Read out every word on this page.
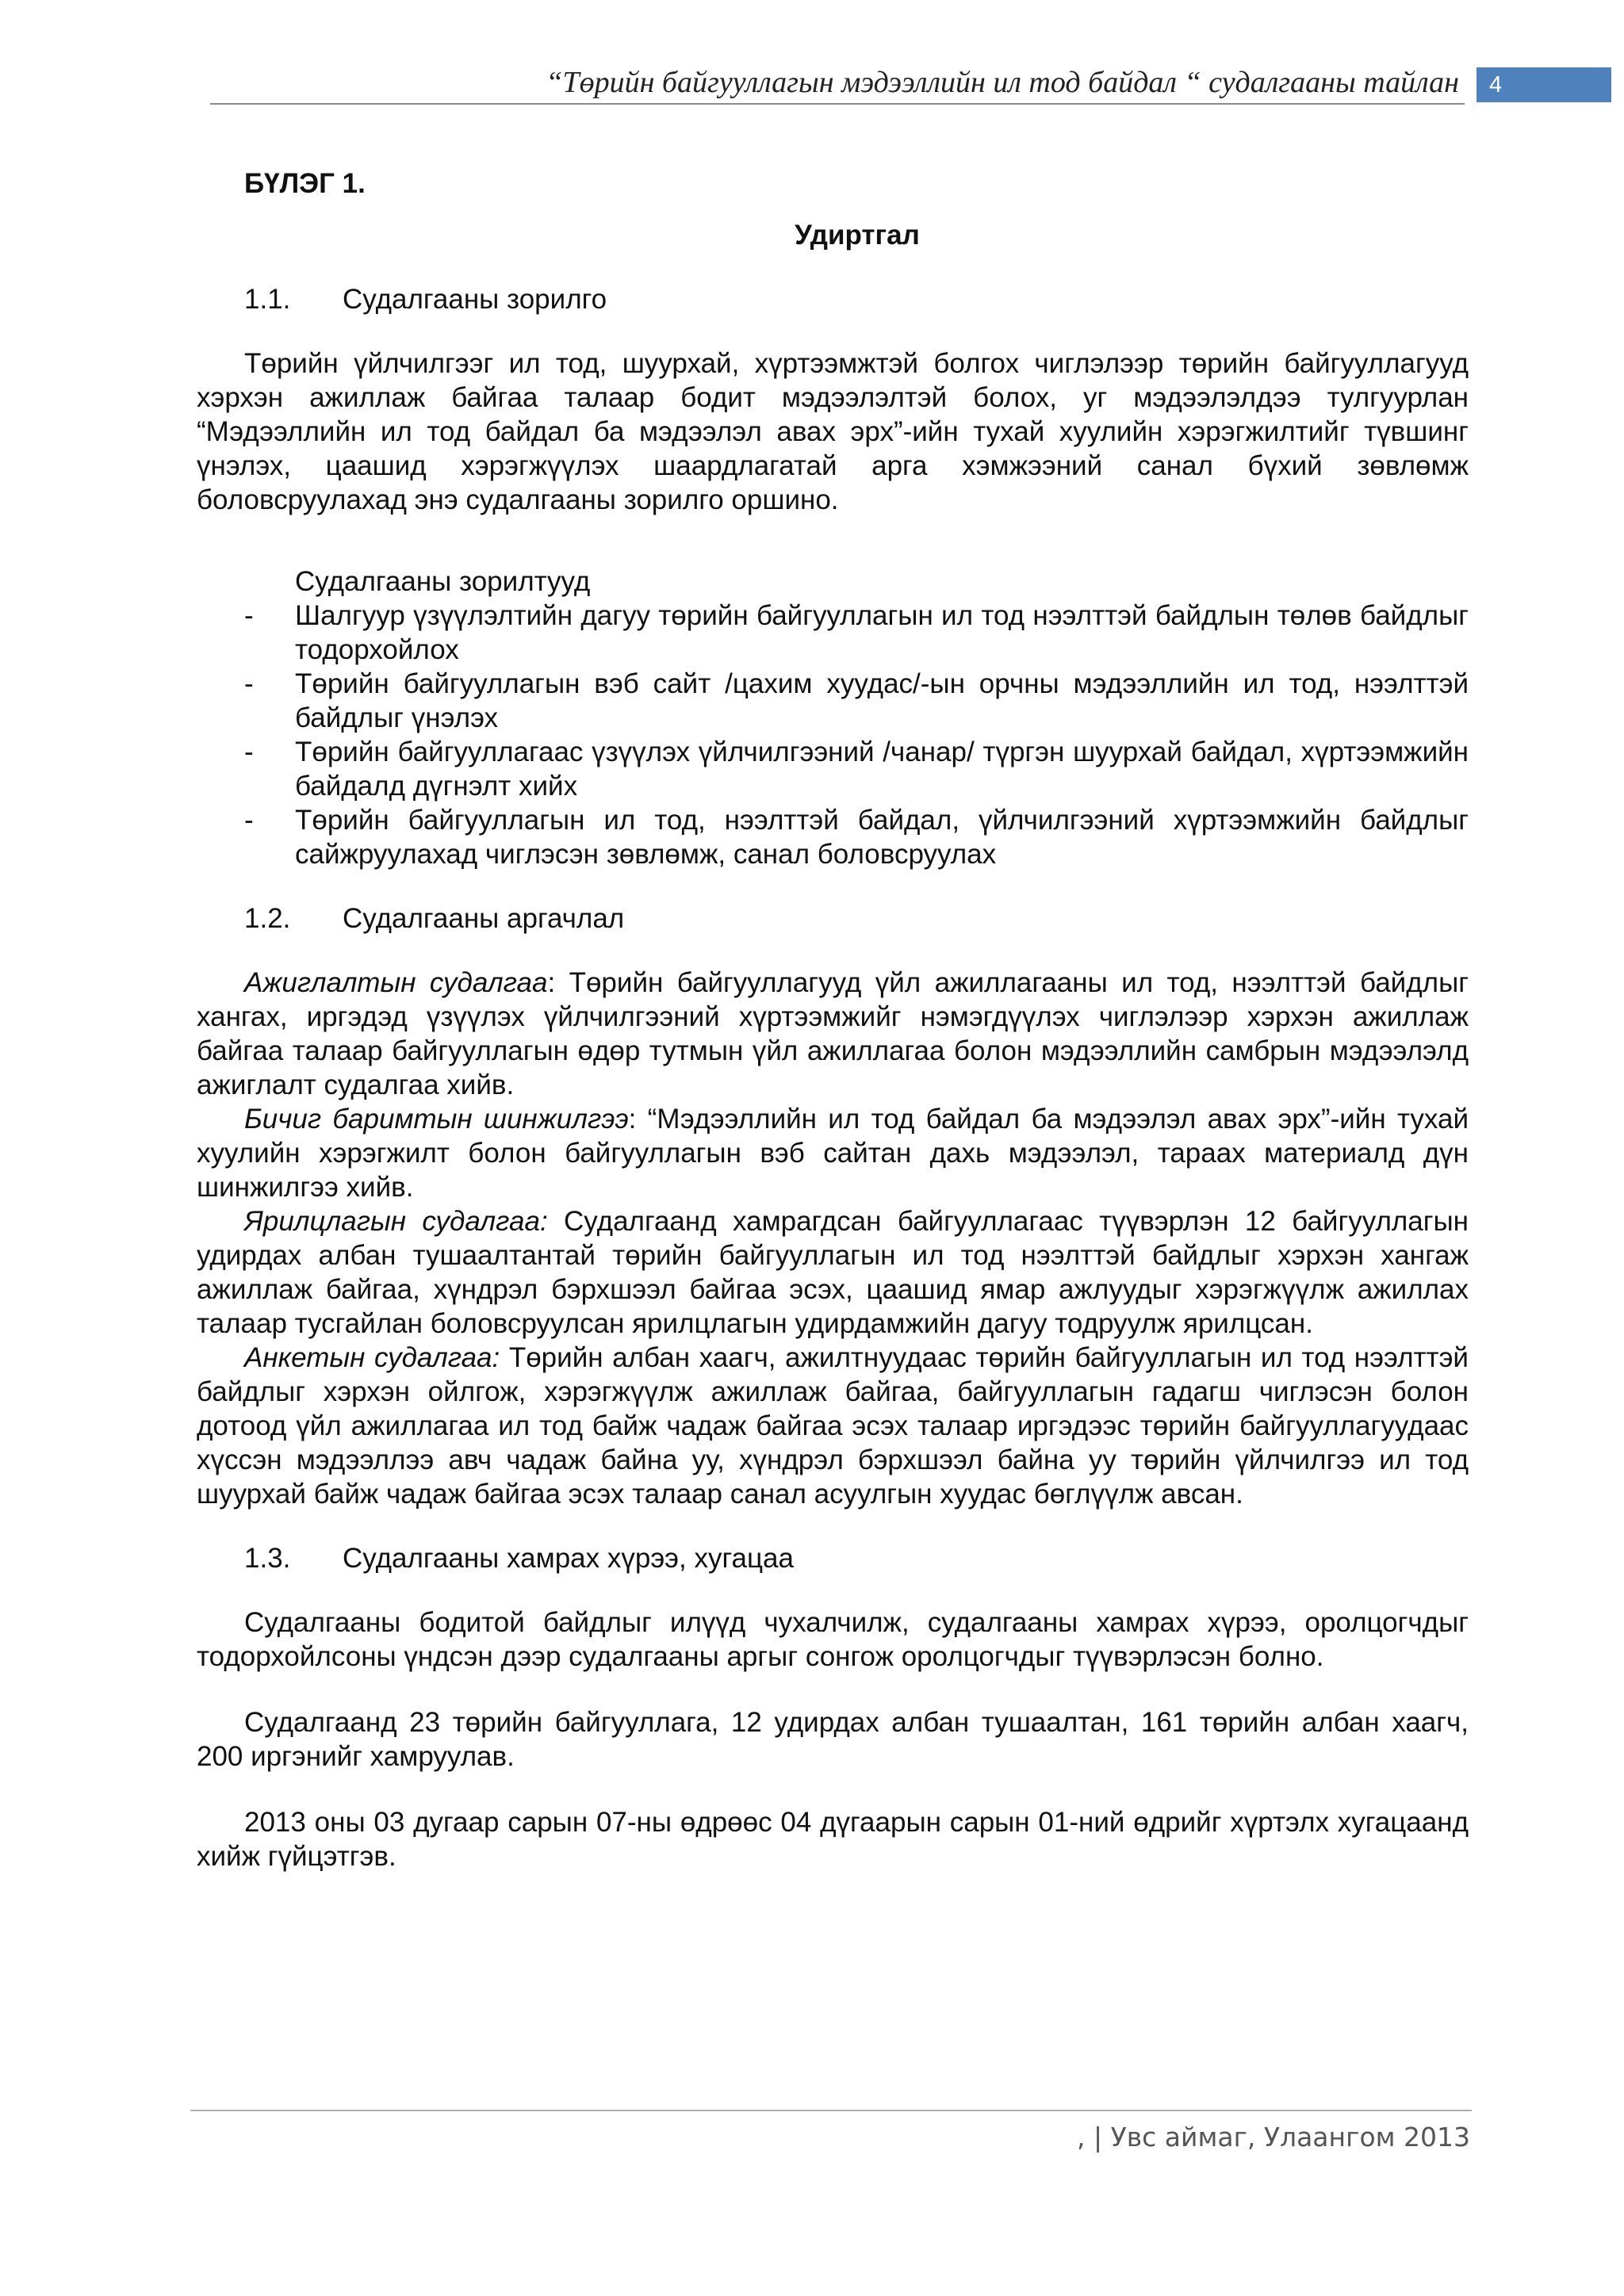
“Төрийн байгууллагын мэдээллийн ил тод байдал “ судалгааны тайлан	4
БҮЛЭГ 1.
Удиртгал
1.1.	Судалгааны зорилго

Төрийн үйлчилгээг ил тод, шуурхай, хүртээмжтэй болгох чиглэлээр төрийн байгууллагууд хэрхэн ажиллаж байгаа талаар бодит мэдээлэлтэй болох, уг мэдээлэлдээ тулгуурлан “Мэдээллийн ил тод байдал ба мэдээлэл авах эрх”-ийн тухай хуулийн хэрэгжилтийг түвшинг үнэлэх, цаашид хэрэгжүүлэх шаардлагатай арга хэмжээний санал бүхий зөвлөмж боловсруулахад энэ судалгааны зорилго оршино.

Судалгааны зорилтууд
- Шалгуур үзүүлэлтийн дагуу төрийн байгууллагын ил тод нээлттэй байдлын төлөв байдлыг тодорхойлох
- Төрийн байгууллагын вэб сайт /цахим хуудас/-ын орчны мэдээллийн ил тод, нээлттэй байдлыг үнэлэх
- Төрийн байгууллагаас үзүүлэх үйлчилгээний /чанар/ түргэн шуурхай байдал, хүртээмжийн байдалд дүгнэлт хийх
- Төрийн байгууллагын ил тод, нээлттэй байдал, үйлчилгээний хүртээмжийн байдлыг сайжруулахад чиглэсэн зөвлөмж, санал боловсруулах
1.2.	Судалгааны аргачлал

Ажиглалтын судалгаа: Төрийн байгууллагууд үйл ажиллагааны ил тод, нээлттэй байдлыг хангах, иргэдэд үзүүлэх үйлчилгээний хүртээмжийг нэмэгдүүлэх чиглэлээр хэрхэн ажиллаж байгаа талаар байгууллагын өдөр тутмын үйл ажиллагаа болон мэдээллийн самбрын мэдээлэлд ажиглалт судалгаа хийв.

Бичиг баримтын шинжилгээ: “Мэдээллийн ил тод байдал ба мэдээлэл авах эрх”-ийн тухай хуулийн хэрэгжилт болон байгууллагын вэб сайтан дахь мэдээлэл, тараах материалд дүн шинжилгээ хийв.

Ярилцлагын судалгаа: Судалгаанд хамрагдсан байгууллагаас түүвэрлэн 12 байгууллагын удирдах албан тушаалтантай төрийн байгууллагын ил тод нээлттэй байдлыг хэрхэн хангаж ажиллаж байгаа, хүндрэл бэрхшээл байгаа эсэх, цаашид ямар ажлуудыг хэрэгжүүлж ажиллах талаар тусгайлан боловсруулсан ярилцлагын удирдамжийн дагуу тодруулж ярилцсан.

Анкетын судалгаа: Төрийн албан хаагч, ажилтнуудаас төрийн байгууллагын ил тод нээлттэй байдлыг хэрхэн ойлгож, хэрэгжүүлж ажиллаж байгаа, байгууллагын гадагш чиглэсэн болон дотоод үйл ажиллагаа ил тод байж чадаж байгаа эсэх талаар иргэдээс төрийн байгууллагуудаас хүссэн мэдээллээ авч чадаж байна уу, хүндрэл бэрхшээл байна уу төрийн үйлчилгээ ил тод шуурхай байж чадаж байгаа эсэх талаар санал асуулгын хуудас бөглүүлж авсан.

1.3.	Судалгааны хамрах хүрээ, хугацаа

Судалгааны бодитой байдлыг илүүд чухалчилж, судалгааны хамрах хүрээ, оролцогчдыг тодорхойлсоны үндсэн дээр судалгааны аргыг сонгож оролцогчдыг түүвэрлэсэн болно.

Судалгаанд 23 төрийн байгууллага, 12 удирдах албан тушаалтан, 161 төрийн албан хаагч, 200 иргэнийг хамруулав.

2013 оны 03 дугаар сарын 07-ны өдрөөс 04 дүгаарын сарын 01-ний өдрийг хүртэлх хугацаанд хийж гүйцэтгэв.

, | Увс аймаг, Улаангом 2013
